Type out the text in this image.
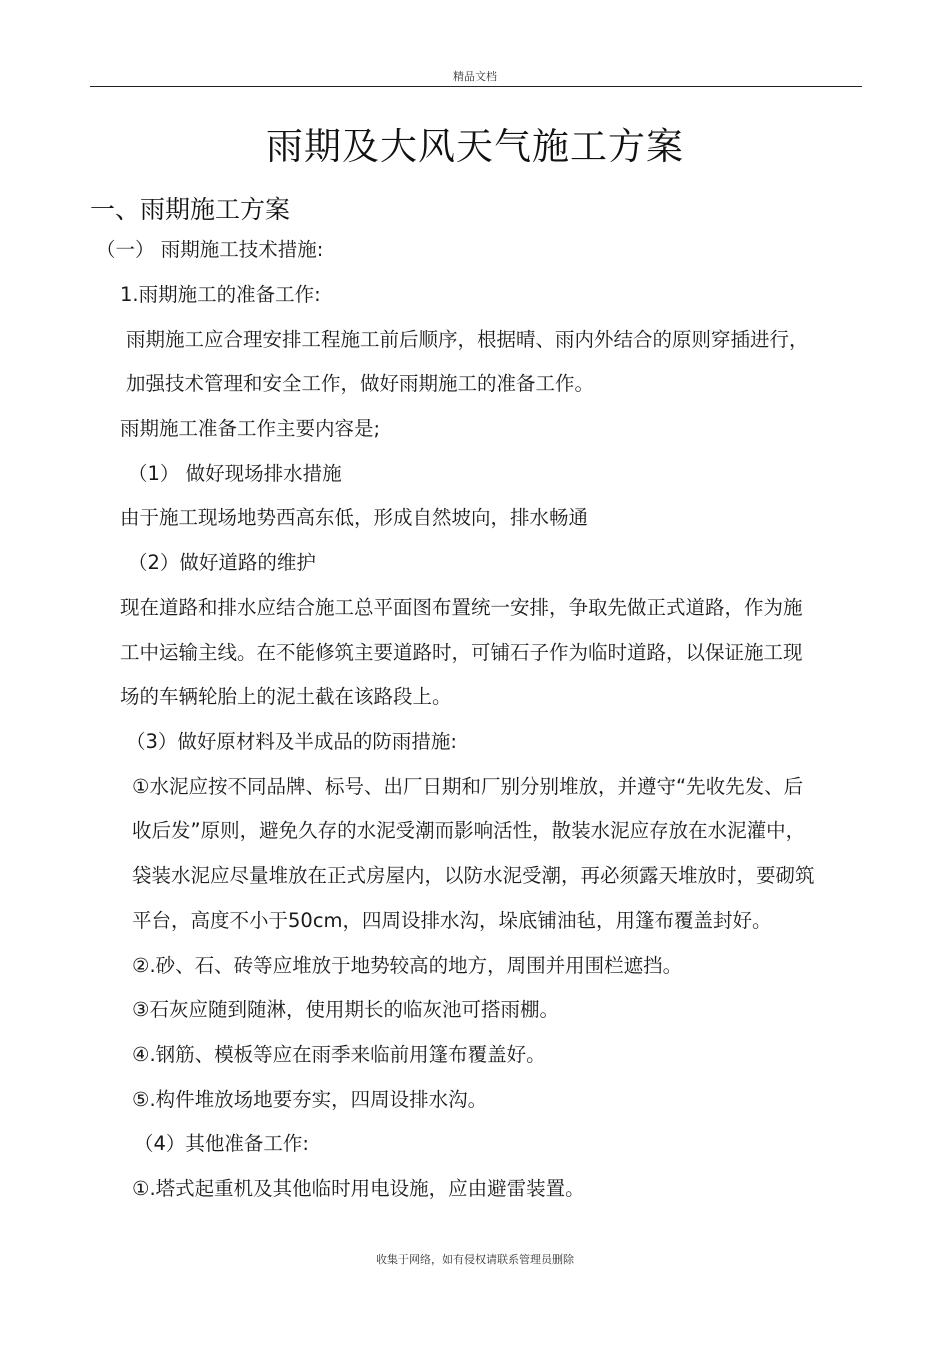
精品文档
雨期及大风天气施工方案
一、雨期施工方案
（一） 雨期施工技术措施:
1.雨期施工的准备工作:
雨期施工应合理安排工程施工前后顺序，根据晴、雨内外结合的原则穿插进行，
加强技术管理和安全工作，做好雨期施工的准备工作。
雨期施工准备工作主要内容是;
（1） 做好现场排水措施
由于施工现场地势西高东低，形成自然坡向，排水畅通
（2）做好道路的维护
现在道路和排水应结合施工总平面图布置统一安排，争取先做正式道路，作为施
工中运输主线。在不能修筑主要道路时，可铺石子作为临时道路，以保证施工现
场的车辆轮胎上的泥土截在该路段上。
（3）做好原材料及半成品的防雨措施:
①水泥应按不同品牌、标号、出厂日期和厂别分别堆放，并遵守“先收先发、后
收后发”原则，避免久存的水泥受潮而影响活性，散装水泥应存放在水泥灌中，
袋装水泥应尽量堆放在正式房屋内，以防水泥受潮，再必须露天堆放时，要砌筑
平台，高度不小于50cm，四周设排水沟，垛底铺油毡，用篷布覆盖封好。
②.砂、石、砖等应堆放于地势较高的地方，周围并用围栏遮挡。
③石灰应随到随淋，使用期长的临灰池可搭雨棚。
④.钢筋、模板等应在雨季来临前用篷布覆盖好。
⑤.构件堆放场地要夯实，四周设排水沟。
（4）其他准备工作:
①.塔式起重机及其他临时用电设施，应由避雷装置。
收集于网络，如有侵权请联系管理员删除
